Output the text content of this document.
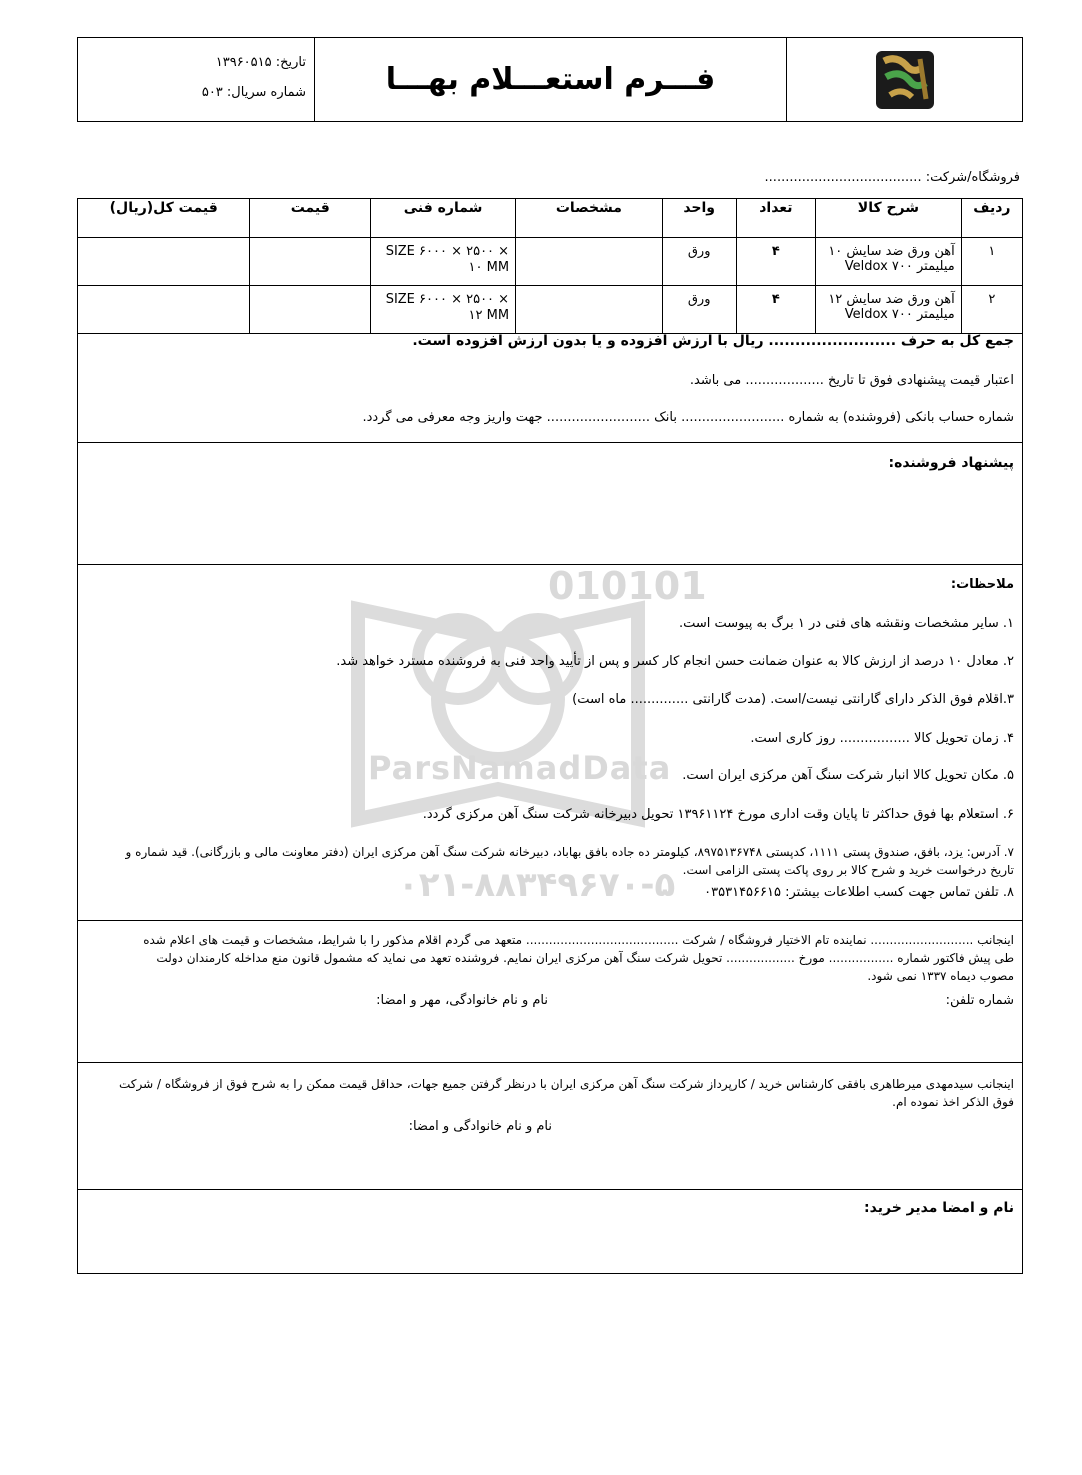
فـــرم استعـــلام بهـــا
تاریخ: ۱۳۹۶۰۵۱۵
شماره سریال: ۵۰۳
فروشگاه/شرکت: ......................................
ردیف	شرح کالا	تعداد	واحد	مشخصات	شماره فنی	قیمت	قیمت کل(ریال)
۱	آهن ورق ضد سایش ۱۰ میلیمتر Veldox ۷۰۰	۴	ورق		SIZE ۶۰۰۰ × ۲۵۰۰ × ۱۰ MM		
۲	آهن ورق ضد سایش ۱۲ میلیمتر Veldox ۷۰۰	۴	ورق		SIZE ۶۰۰۰ × ۲۵۰۰ × ۱۲ MM		
جمع کل به حرف ........................ ریال با ارزش افزوده و یا بدون ارزش افزوده است.
اعتبار قیمت پیشنهادی فوق تا تاریخ ................... می باشد.
شماره حساب بانکی (فروشنده) به شماره ......................... بانک ......................... جهت واریز وجه معرفی می گردد.
پیشنهاد فروشنده:
010101
ParsNamadData
۰۲۱-۸۸۳۴۹۶۷۰-۵
ملاحظات:
۱. سایر مشخصات ونقشه های فنی در ۱ برگ به پیوست است.
۲. معادل ۱۰ درصد از ارزش کالا به عنوان ضمانت حسن انجام کار کسر و پس از تأیید واحد فنی به فروشنده مسترد خواهد شد.
۳.اقلام فوق الذکر دارای گارانتی نیست/است. (مدت گارانتی .............. ماه است)
۴. زمان تحویل کالا ................. روز کاری است.
۵. مکان تحویل کالا انبار شرکت سنگ آهن مرکزی ایران است.
۶. استعلام بها فوق حداکثر تا پایان وقت اداری مورخ ۱۳۹۶۱۱۲۴ تحویل دبیرخانه شرکت سنگ آهن مرکزی گردد.
۷. آدرس: یزد، بافق، صندوق پستی ۱۱۱۱، کدپستی ۸۹۷۵۱۳۶۷۴۸، کیلومتر ده جاده بافق بهاباد، دبیرخانه شرکت سنگ آهن مرکزی ایران (دفتر معاونت مالی و بازرگانی). قید شماره و
تاریخ درخواست خرید و شرح کالا بر روی پاکت پستی الزامی است.
۸. تلفن تماس جهت کسب اطلاعات بیشتر: ۰۳۵۳۱۴۵۶۶۱۵
اینجانب ........................... نماینده تام الاختیار فروشگاه / شرکت ........................................ متعهد می گردم اقلام مذکور را با شرایط، مشخصات و قیمت های اعلام شده
طی پیش فاکتور شماره ................. مورخ .................. تحویل شرکت سنگ آهن مرکزی ایران نمایم. فروشنده تعهد می نماید که مشمول قانون منع مداخله کارمندان دولت
مصوب دیماه ۱۳۳۷ نمی شود.
شماره تلفن:
نام و نام خانوادگی، مهر و امضا:
اینجانب سیدمهدی میرطاهری بافقی کارشناس خرید / کارپرداز شرکت سنگ آهن مرکزی ایران با درنظر گرفتن جمیع جهات، حداقل قیمت ممکن را به شرح فوق از فروشگاه / شرکت
فوق الذکر اخذ نموده ام.
نام و نام خانوادگی و امضا:
نام و امضا مدیر خرید:
